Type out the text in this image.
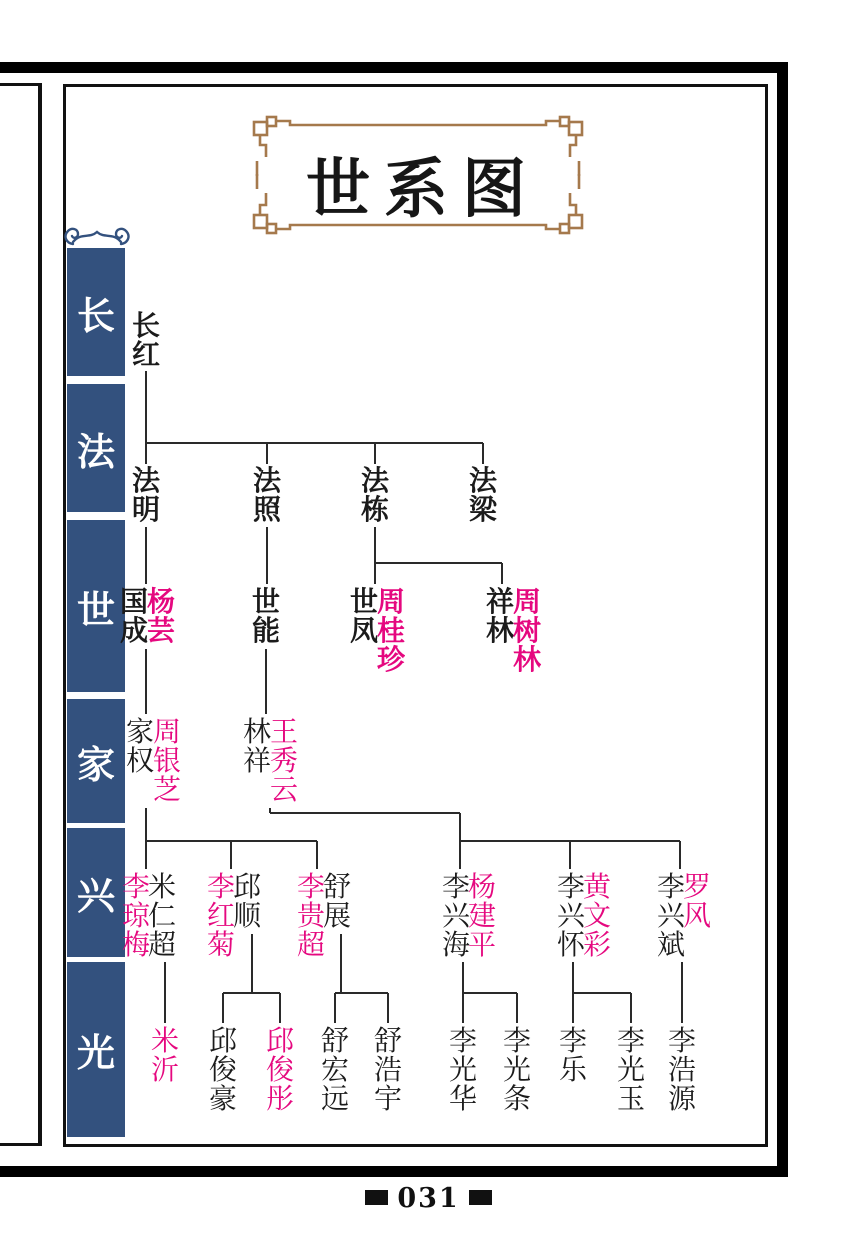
世系图
长
法
世
家
兴
光
长红
法明
法照
法栋
法梁
国成
杨芸
世能
世凤
周桂珍
祥林
周树林
家权
周银芝
林祥
王秀云
李琼梅
米仁超
李红菊
邱顺
李贵超
舒展
李兴海
杨建平
李兴怀
黄文彩
李兴斌
罗风
米沂
邱俊豪
邱俊彤
舒宏远
舒浩宇
李光华
李光条
李乐
李光玉
李浩源
031
